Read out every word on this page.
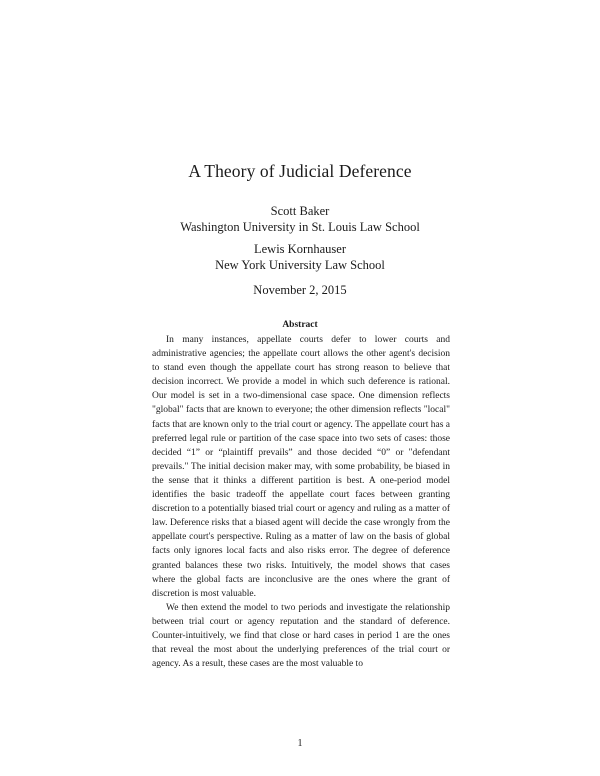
A Theory of Judicial Deference
Scott Baker
Washington University in St. Louis Law School
Lewis Kornhauser
New York University Law School
November 2, 2015
Abstract

In many instances, appellate courts defer to lower courts and administrative agencies; the appellate court allows the other agent's decision to stand even though the appellate court has strong reason to believe that decision incorrect. We provide a model in which such deference is rational. Our model is set in a two-dimensional case space. One dimension reflects "global" facts that are known to everyone; the other dimension reflects "local" facts that are known only to the trial court or agency. The appellate court has a preferred legal rule or partition of the case space into two sets of cases: those decided “1” or “plaintiff prevails” and those decided “0” or "defendant prevails." The initial decision maker may, with some probability, be biased in the sense that it thinks a different partition is best. A one-period model identifies the basic tradeoff the appellate court faces between granting discretion to a potentially biased trial court or agency and ruling as a matter of law. Deference risks that a biased agent will decide the case wrongly from the appellate court's perspective. Ruling as a matter of law on the basis of global facts only ignores local facts and also risks error. The degree of deference granted balances these two risks. Intuitively, the model shows that cases where the global facts are inconclusive are the ones where the grant of discretion is most valuable.

We then extend the model to two periods and investigate the relationship between trial court or agency reputation and the standard of deference. Counter-intuitively, we find that close or hard cases in period 1 are the ones that reveal the most about the underlying preferences of the trial court or agency. As a result, these cases are the most valuable to

1
